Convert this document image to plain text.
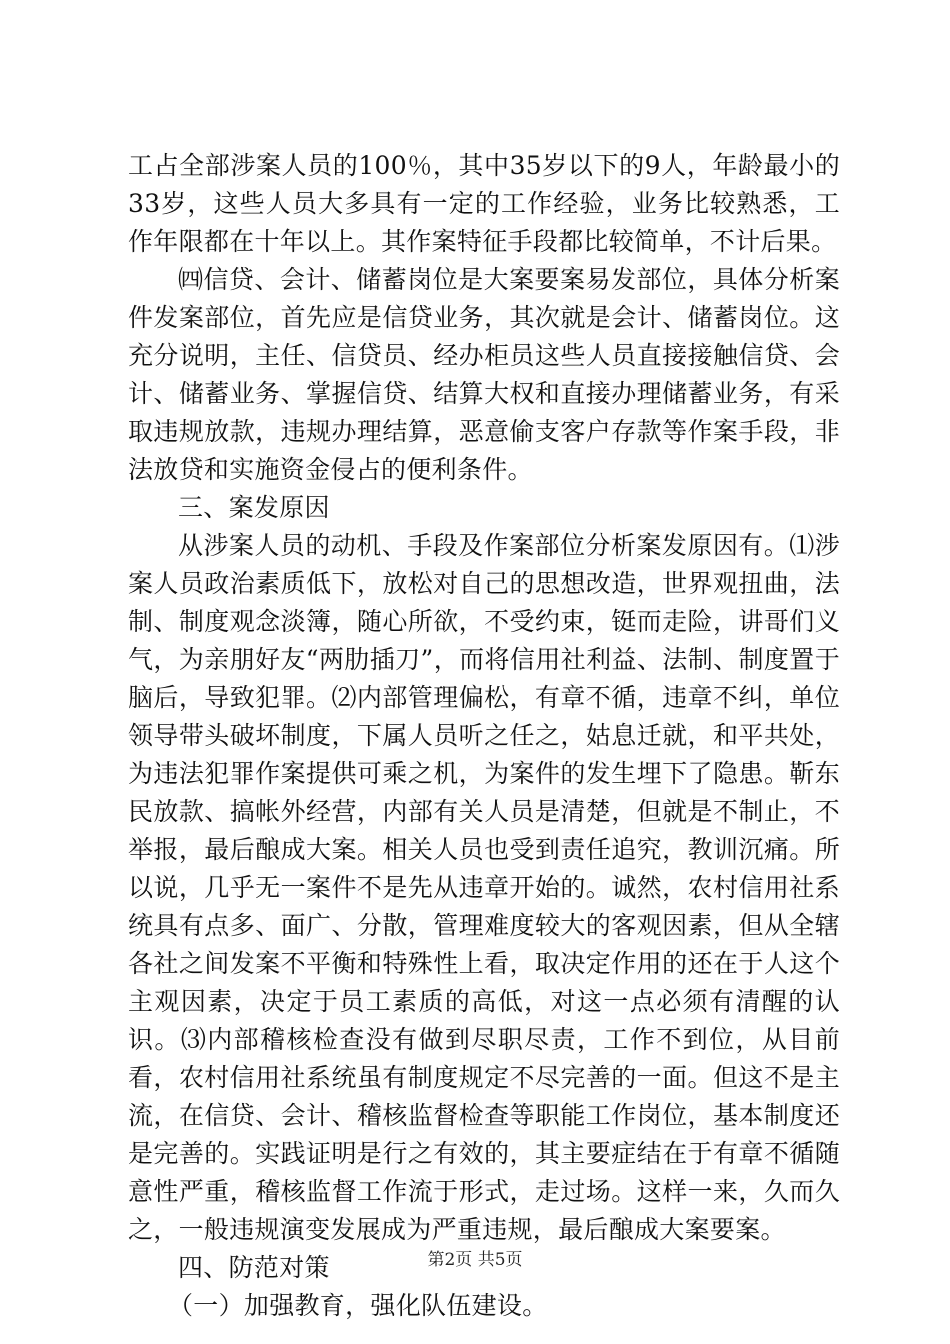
工占全部涉案人员的100％，其中35岁以下的9人，年龄最小的33岁，这些人员大多具有一定的工作经验，业务比较熟悉，工作年限都在十年以上。其作案特征手段都比较简单，不计后果。

㈣信贷、会计、储蓄岗位是大案要案易发部位，具体分析案件发案部位，首先应是信贷业务，其次就是会计、储蓄岗位。这充分说明，主任、信贷员、经办柜员这些人员直接接触信贷、会计、储蓄业务、掌握信贷、结算大权和直接办理储蓄业务，有采取违规放款，违规办理结算，恶意偷支客户存款等作案手段，非法放贷和实施资金侵占的便利条件。

三、案发原因

从涉案人员的动机、手段及作案部位分析案发原因有。⑴涉案人员政治素质低下，放松对自己的思想改造，世界观扭曲，法制、制度观念淡簿，随心所欲，不受约束，铤而走险，讲哥们义气，为亲朋好友“两肋插刀”，而将信用社利益、法制、制度置于脑后，导致犯罪。⑵内部管理偏松，有章不循，违章不纠，单位领导带头破坏制度，下属人员听之任之，姑息迁就，和平共处，为违法犯罪作案提供可乘之机，为案件的发生埋下了隐患。靳东民放款、搞帐外经营，内部有关人员是清楚，但就是不制止，不举报，最后酿成大案。相关人员也受到责任追究，教训沉痛。所以说，几乎无一案件不是先从违章开始的。诚然，农村信用社系统具有点多、面广、分散，管理难度较大的客观因素，但从全辖各社之间发案不平衡和特殊性上看，取决定作用的还在于人这个主观因素，决定于员工素质的高低，对这一点必须有清醒的认识。⑶内部稽核检查没有做到尽职尽责，工作不到位，从目前看，农村信用社系统虽有制度规定不尽完善的一面。但这不是主流，在信贷、会计、稽核监督检查等职能工作岗位，基本制度还是完善的。实践证明是行之有效的，其主要症结在于有章不循随意性严重，稽核监督工作流于形式，走过场。这样一来，久而久之，一般违规演变发展成为严重违规，最后酿成大案要案。

四、防范对策

（一）加强教育，强化队伍建设。

第2页 共5页
